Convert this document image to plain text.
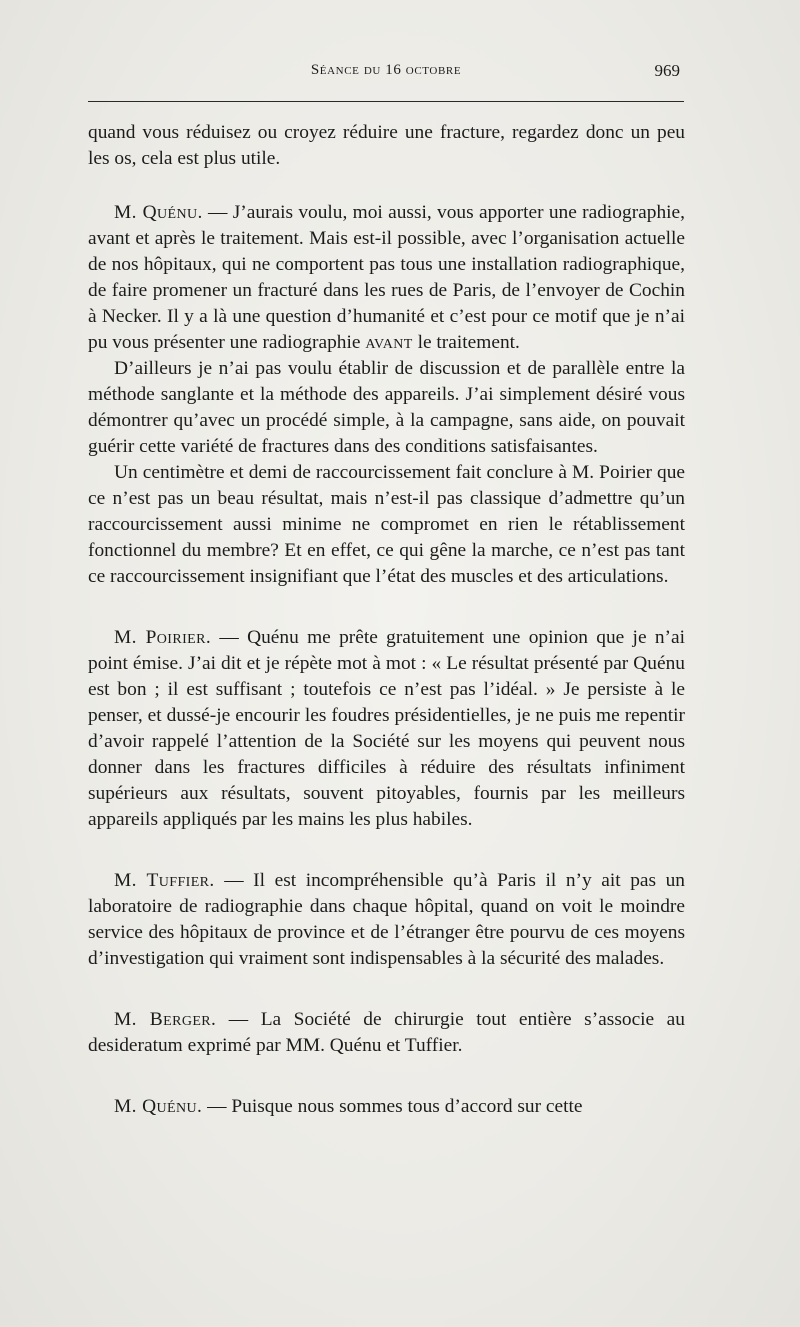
Séance du 16 octobre	969

quand vous réduisez ou croyez réduire une fracture, regardez donc un peu les os, cela est plus utile.

M. Quénu. — J’aurais voulu, moi aussi, vous apporter une radiographie, avant et après le traitement. Mais est-il possible, avec l’organisation actuelle de nos hôpitaux, qui ne comportent pas tous une installation radiographique, de faire promener un fracturé dans les rues de Paris, de l’envoyer de Cochin à Necker. Il y a là une question d’humanité et c’est pour ce motif que je n’ai pu vous présenter une radiographie avant le traitement.

D’ailleurs je n’ai pas voulu établir de discussion et de parallèle entre la méthode sanglante et la méthode des appareils. J’ai simplement désiré vous démontrer qu’avec un procédé simple, à la campagne, sans aide, on pouvait guérir cette variété de fractures dans des conditions satisfaisantes.

Un centimètre et demi de raccourcissement fait conclure à M. Poirier que ce n’est pas un beau résultat, mais n’est-il pas classique d’admettre qu’un raccourcissement aussi minime ne compromet en rien le rétablissement fonctionnel du membre? Et en effet, ce qui gêne la marche, ce n’est pas tant ce raccourcissement insignifiant que l’état des muscles et des articulations.

M. Poirier. — Quénu me prête gratuitement une opinion que je n’ai point émise. J’ai dit et je répète mot à mot : « Le résultat présenté par Quénu est bon ; il est suffisant ; toutefois ce n’est pas l’idéal. » Je persiste à le penser, et dussé-je encourir les foudres présidentielles, je ne puis me repentir d’avoir rappelé l’attention de la Société sur les moyens qui peuvent nous donner dans les fractures difficiles à réduire des résultats infiniment supérieurs aux résultats, souvent pitoyables, fournis par les meilleurs appareils appliqués par les mains les plus habiles.

M. Tuffier. — Il est incompréhensible qu’à Paris il n’y ait pas un laboratoire de radiographie dans chaque hôpital, quand on voit le moindre service des hôpitaux de province et de l’étranger être pourvu de ces moyens d’investigation qui vraiment sont indispensables à la sécurité des malades.

M. Berger. — La Société de chirurgie tout entière s’associe au desideratum exprimé par MM. Quénu et Tuffier.

M. Quénu. — Puisque nous sommes tous d’accord sur cette
